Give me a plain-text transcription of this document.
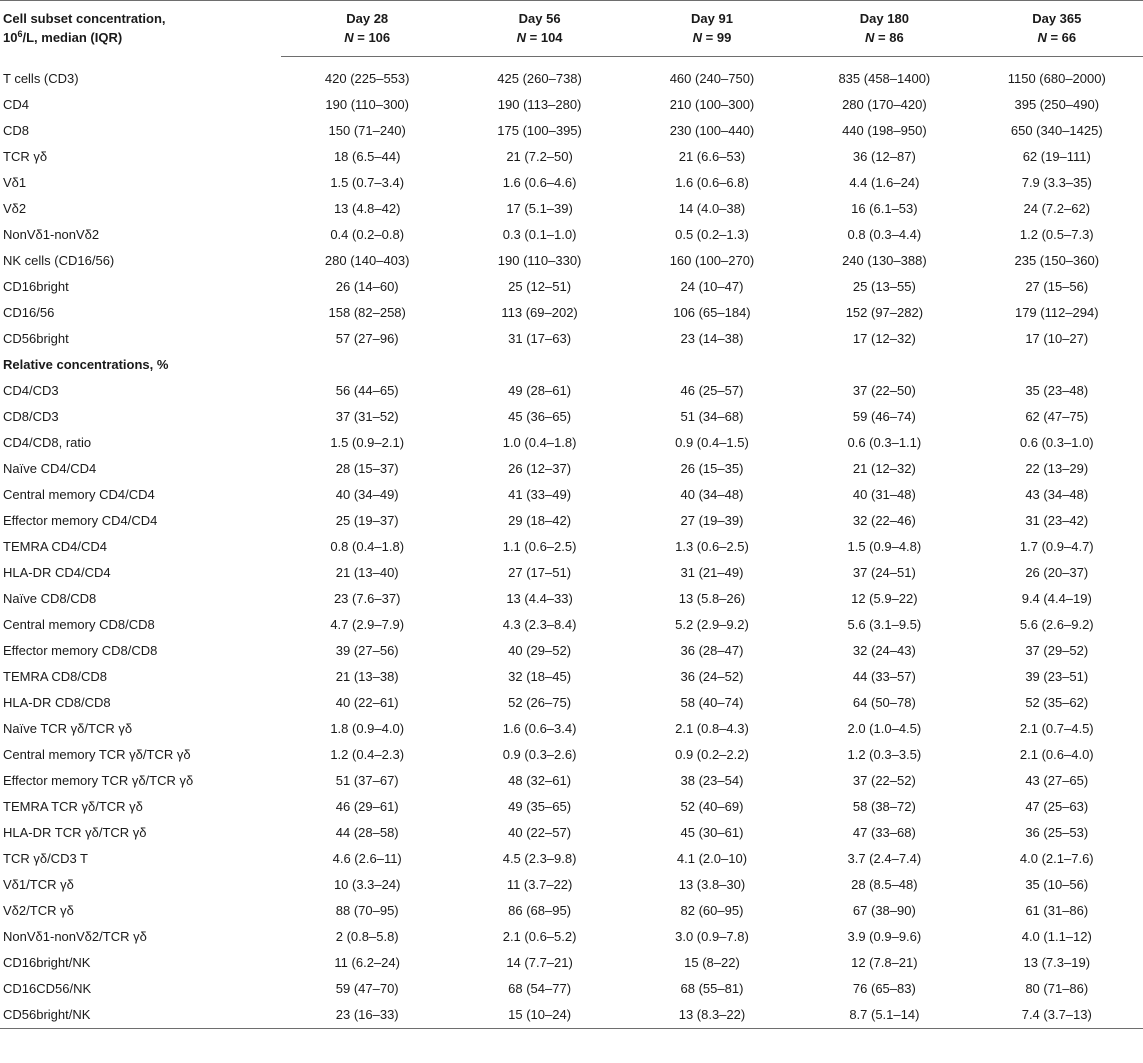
Cell subset concentration,
$10^6/L$, median (IQR)	Day 28	Day 56	Day 91	Day 180	Day 365
	N = 106	N = 104	N = 99	N = 86	N = 66

T cells (CD3)	420 (225–553)	425 (260–738)	460 (240–750)	835 (458–1400)	1150 (680–2000)
CD4	190 (110–300)	190 (113–280)	210 (100–300)	280 (170–420)	395 (250–490)
CD8	150 (71–240)	175 (100–395)	230 (100–440)	440 (198–950)	650 (340–1425)
TCR γδ	18 (6.5–44)	21 (7.2–50)	21 (6.6–53)	36 (12–87)	62 (19–111)
Vδ1	1.5 (0.7–3.4)	1.6 (0.6–4.6)	1.6 (0.6–6.8)	4.4 (1.6–24)	7.9 (3.3–35)
Vδ2	13 (4.8–42)	17 (5.1–39)	14 (4.0–38)	16 (6.1–53)	24 (7.2–62)
NonVδ1-nonVδ2	0.4 (0.2–0.8)	0.3 (0.1–1.0)	0.5 (0.2–1.3)	0.8 (0.3–4.4)	1.2 (0.5–7.3)
NK cells (CD16/56)	280 (140–403)	190 (110–330)	160 (100–270)	240 (130–388)	235 (150–360)
CD16bright	26 (14–60)	25 (12–51)	24 (10–47)	25 (13–55)	27 (15–56)
CD16/56	158 (82–258)	113 (69–202)	106 (65–184)	152 (97–282)	179 (112–294)
CD56bright	57 (27–96)	31 (17–63)	23 (14–38)	17 (12–32)	17 (10–27)
Relative concentrations, %					
CD4/CD3	56 (44–65)	49 (28–61)	46 (25–57)	37 (22–50)	35 (23–48)
CD8/CD3	37 (31–52)	45 (36–65)	51 (34–68)	59 (46–74)	62 (47–75)
CD4/CD8, ratio	1.5 (0.9–2.1)	1.0 (0.4–1.8)	0.9 (0.4–1.5)	0.6 (0.3–1.1)	0.6 (0.3–1.0)
Naïve CD4/CD4	28 (15–37)	26 (12–37)	26 (15–35)	21 (12–32)	22 (13–29)
Central memory CD4/CD4	40 (34–49)	41 (33–49)	40 (34–48)	40 (31–48)	43 (34–48)
Effector memory CD4/CD4	25 (19–37)	29 (18–42)	27 (19–39)	32 (22–46)	31 (23–42)
TEMRA CD4/CD4	0.8 (0.4–1.8)	1.1 (0.6–2.5)	1.3 (0.6–2.5)	1.5 (0.9–4.8)	1.7 (0.9–4.7)
HLA-DR CD4/CD4	21 (13–40)	27 (17–51)	31 (21–49)	37 (24–51)	26 (20–37)
Naïve CD8/CD8	23 (7.6–37)	13 (4.4–33)	13 (5.8–26)	12 (5.9–22)	9.4 (4.4–19)
Central memory CD8/CD8	4.7 (2.9–7.9)	4.3 (2.3–8.4)	5.2 (2.9–9.2)	5.6 (3.1–9.5)	5.6 (2.6–9.2)
Effector memory CD8/CD8	39 (27–56)	40 (29–52)	36 (28–47)	32 (24–43)	37 (29–52)
TEMRA CD8/CD8	21 (13–38)	32 (18–45)	36 (24–52)	44 (33–57)	39 (23–51)
HLA-DR CD8/CD8	40 (22–61)	52 (26–75)	58 (40–74)	64 (50–78)	52 (35–62)
Naïve TCR γδ/TCR γδ	1.8 (0.9–4.0)	1.6 (0.6–3.4)	2.1 (0.8–4.3)	2.0 (1.0–4.5)	2.1 (0.7–4.5)
Central memory TCR γδ/TCR γδ	1.2 (0.4–2.3)	0.9 (0.3–2.6)	0.9 (0.2–2.2)	1.2 (0.3–3.5)	2.1 (0.6–4.0)
Effector memory TCR γδ/TCR γδ	51 (37–67)	48 (32–61)	38 (23–54)	37 (22–52)	43 (27–65)
TEMRA TCR γδ/TCR γδ	46 (29–61)	49 (35–65)	52 (40–69)	58 (38–72)	47 (25–63)
HLA-DR TCR γδ/TCR γδ	44 (28–58)	40 (22–57)	45 (30–61)	47 (33–68)	36 (25–53)
TCR γδ/CD3 T	4.6 (2.6–11)	4.5 (2.3–9.8)	4.1 (2.0–10)	3.7 (2.4–7.4)	4.0 (2.1–7.6)
Vδ1/TCR γδ	10 (3.3–24)	11 (3.7–22)	13 (3.8–30)	28 (8.5–48)	35 (10–56)
Vδ2/TCR γδ	88 (70–95)	86 (68–95)	82 (60–95)	67 (38–90)	61 (31–86)
NonVδ1-nonVδ2/TCR γδ	2 (0.8–5.8)	2.1 (0.6–5.2)	3.0 (0.9–7.8)	3.9 (0.9–9.6)	4.0 (1.1–12)
CD16bright/NK	11 (6.2–24)	14 (7.7–21)	15 (8–22)	12 (7.8–21)	13 (7.3–19)
CD16CD56/NK	59 (47–70)	68 (54–77)	68 (55–81)	76 (65–83)	80 (71–86)
CD56bright/NK	23 (16–33)	15 (10–24)	13 (8.3–22)	8.7 (5.1–14)	7.4 (3.7–13)
